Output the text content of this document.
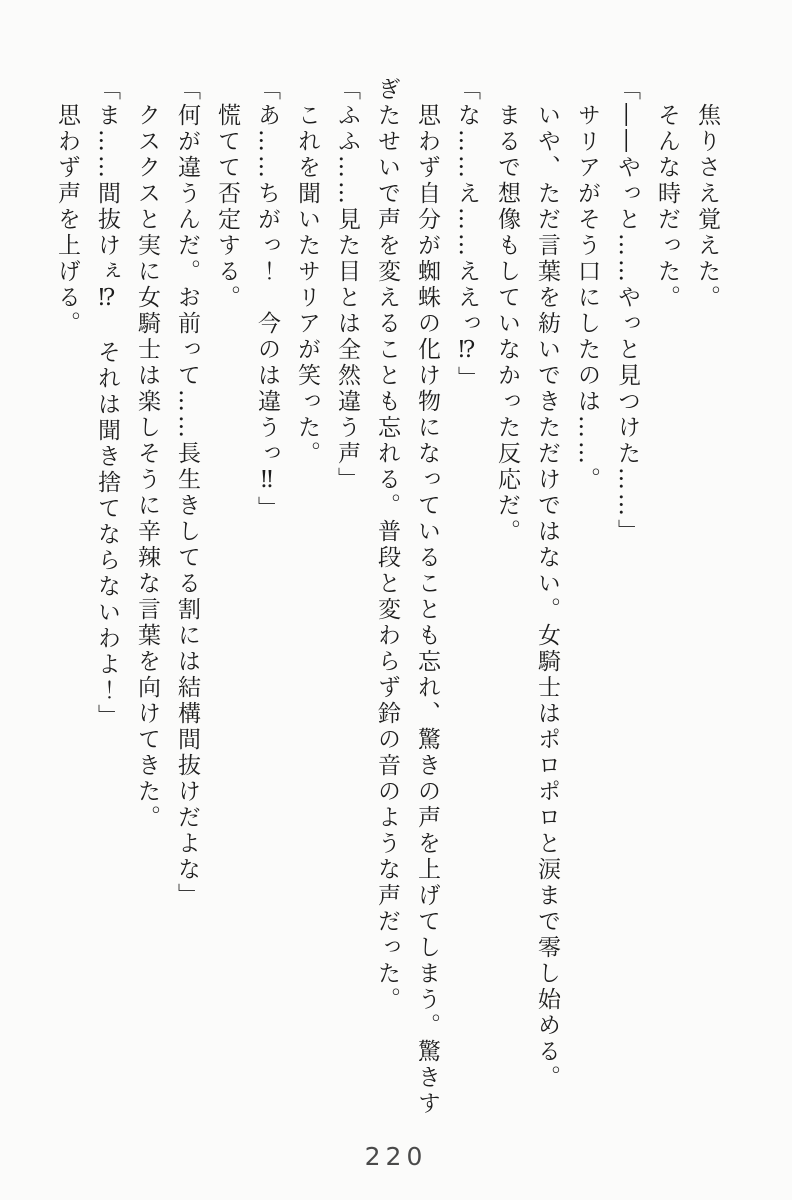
焦りさえ覚えた。

そんな時だった。

「――やっと……やっと見つけた……」

サリアがそう口にしたのは……。

いや、ただ言葉を紡いできただけではない。女騎士はポロポロと涙まで零し始める。

まるで想像もしていなかった反応だ。

「な……え……ええっ⁉」

思わず自分が蜘蛛の化け物になっていることも忘れ、驚きの声を上げてしまう。驚きすぎたせいで声を変えることも忘れる。普段と変わらず鈴の音のような声だった。

「ふふ……見た目とは全然違う声」

これを聞いたサリアが笑った。

「あ……ちがっ！　今のは違うっ‼」

慌てて否定する。

「何が違うんだ。お前って……長生きしてる割には結構間抜けだよな」

クスクスと実に女騎士は楽しそうに辛辣な言葉を向けてきた。

「ま……間抜けぇ⁉　それは聞き捨てならないわよ！」

思わず声を上げる。

220
